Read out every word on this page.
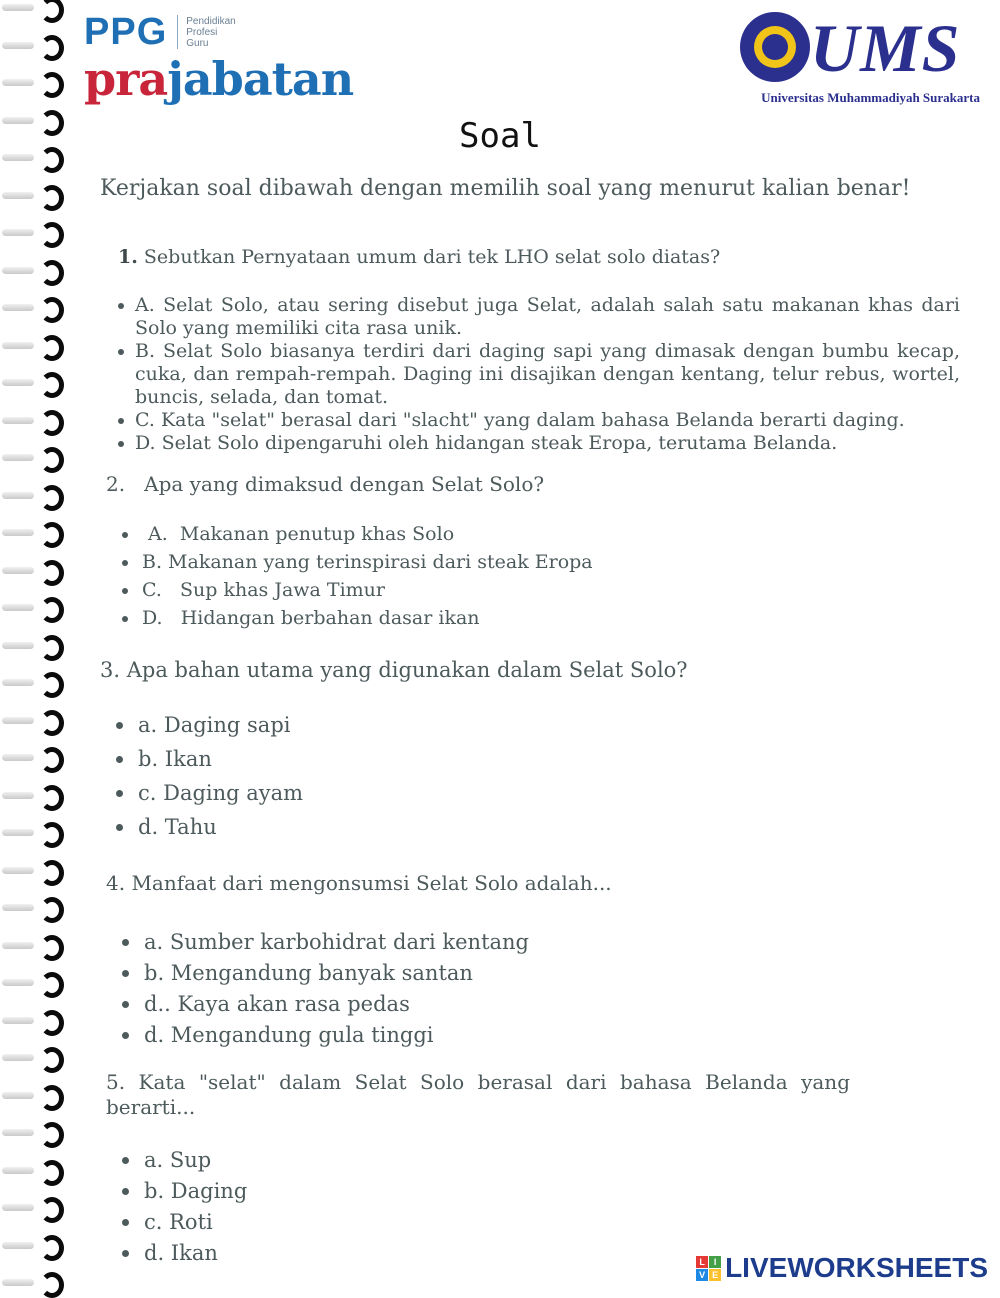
PPG Pendidikan
Profesi
Guru
prajabatan	UMS
Universitas Muhammadiyah Surakarta
Soal
Kerjakan soal dibawah dengan memilih soal yang menurut kalian benar!
1. Sebutkan Pernyataan umum dari tek LHO selat solo diatas?
A. Selat Solo, atau sering disebut juga Selat, adalah salah satu makanan khas dari Solo yang memiliki cita rasa unik.
B. Selat Solo biasanya terdiri dari daging sapi yang dimasak dengan bumbu kecap, cuka, dan rempah-rempah. Daging ini disajikan dengan kentang, telur rebus, wortel, buncis, selada, dan tomat.
C. Kata "selat" berasal dari "slacht" yang dalam bahasa Belanda berarti daging.
D. Selat Solo dipengaruhi oleh hidangan steak Eropa, terutama Belanda.
2.   Apa yang dimaksud dengan Selat Solo?
A.  Makanan penutup khas Solo
B. Makanan yang terinspirasi dari steak Eropa
C.   Sup khas Jawa Timur
D.   Hidangan berbahan dasar ikan
3. Apa bahan utama yang digunakan dalam Selat Solo?
a. Daging sapi
b. Ikan
c. Daging ayam
d. Tahu
4. Manfaat dari mengonsumsi Selat Solo adalah...
a. Sumber karbohidrat dari kentang
b. Mengandung banyak santan
d.. Kaya akan rasa pedas
d. Mengandung gula tinggi
5. Kata "selat" dalam Selat Solo berasal dari bahasa Belanda yang berarti...
a. Sup
b. Daging
c. Roti
d. Ikan	L I
V E LIVEWORKSHEETS
